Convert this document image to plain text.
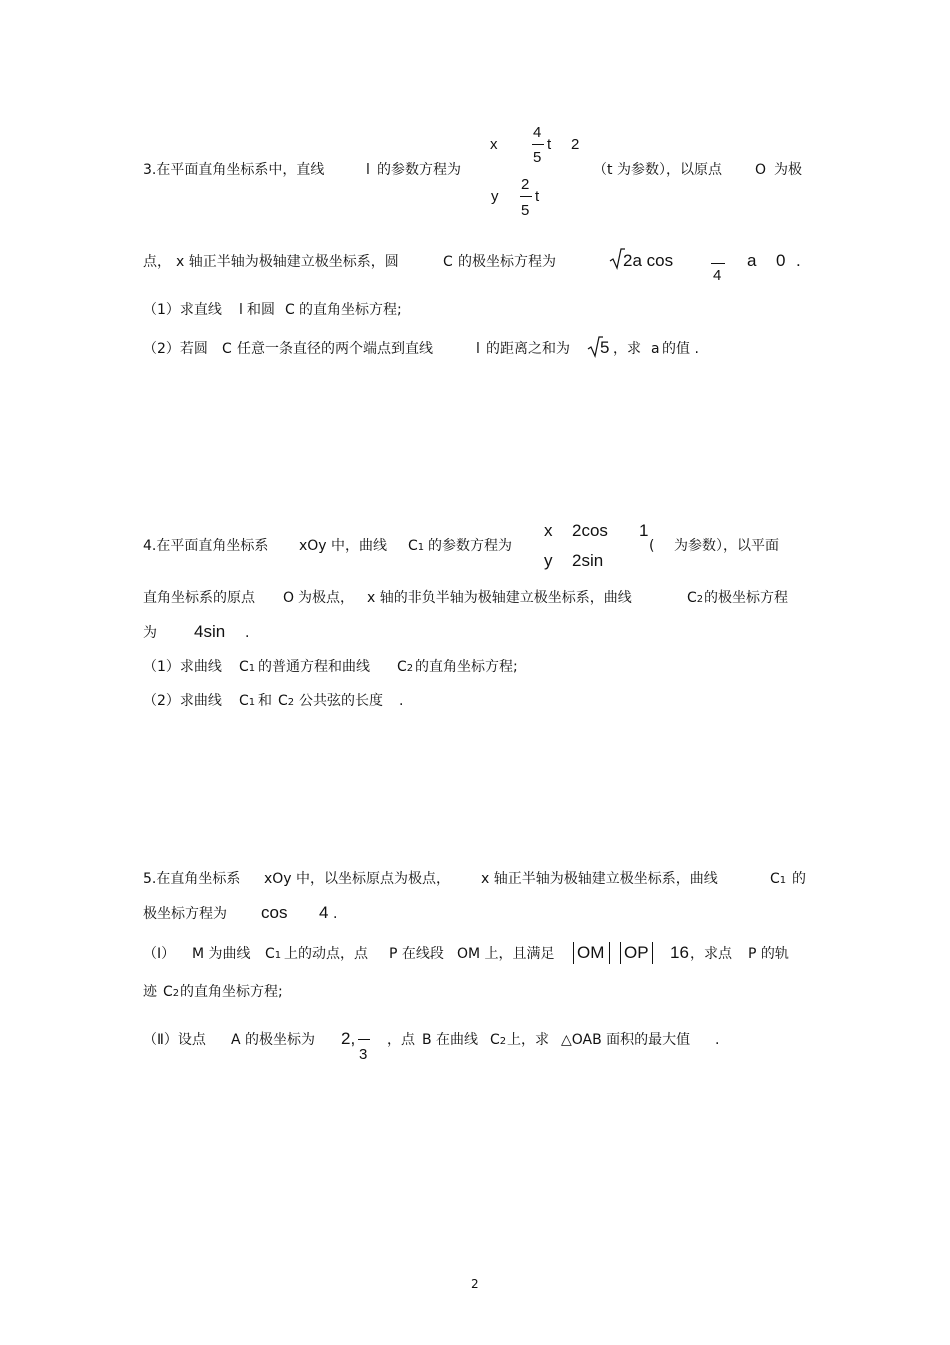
3.在平面直角坐标系中，直线	l 的参数方程为
x
4
5
t 2
y
2
5
t
（t 为参数），以原点 O 为极
点， x 轴正半轴为极轴建立极坐标系，圆	C 的极坐标方程为	2a cos
4
a 0 .
（1）求直线 l 和圆 C 的直角坐标方程;
（2）若圆 C 任意一条直径的两个端点到直线	l 的距离之和为 5 ，求 a 的值 .
4.在平面直角坐标系 xOy 中，曲线 C1 的参数方程为
x 2cos 1
y 2sin
( 为参数），以平面
直角坐标系的原点 O 为极点， x 轴的非负半轴为极轴建立极坐标系，曲线	C2 的极坐标方程
为 4sin .
（1）求曲线 C1 的普通方程和曲线 C2 的直角坐标方程;
（2）求曲线 C1 和 C2 公共弦的长度 .
5.在直角坐标系 xOy 中，以坐标原点为极点， x 轴正半轴为极轴建立极坐标系，曲线	C1 的
极坐标方程为 cos 4 .
（Ⅰ） M 为曲线 C1 上的动点，点 P 在线段 OM 上，且满足 OM OP 16 ，求点 P 的轨
迹 C2 的直角坐标方程;
（Ⅱ）设点 A 的极坐标为 2,
3
，点 B 在曲线 C2 上，求 △OAB 面积的最大值 .
2
